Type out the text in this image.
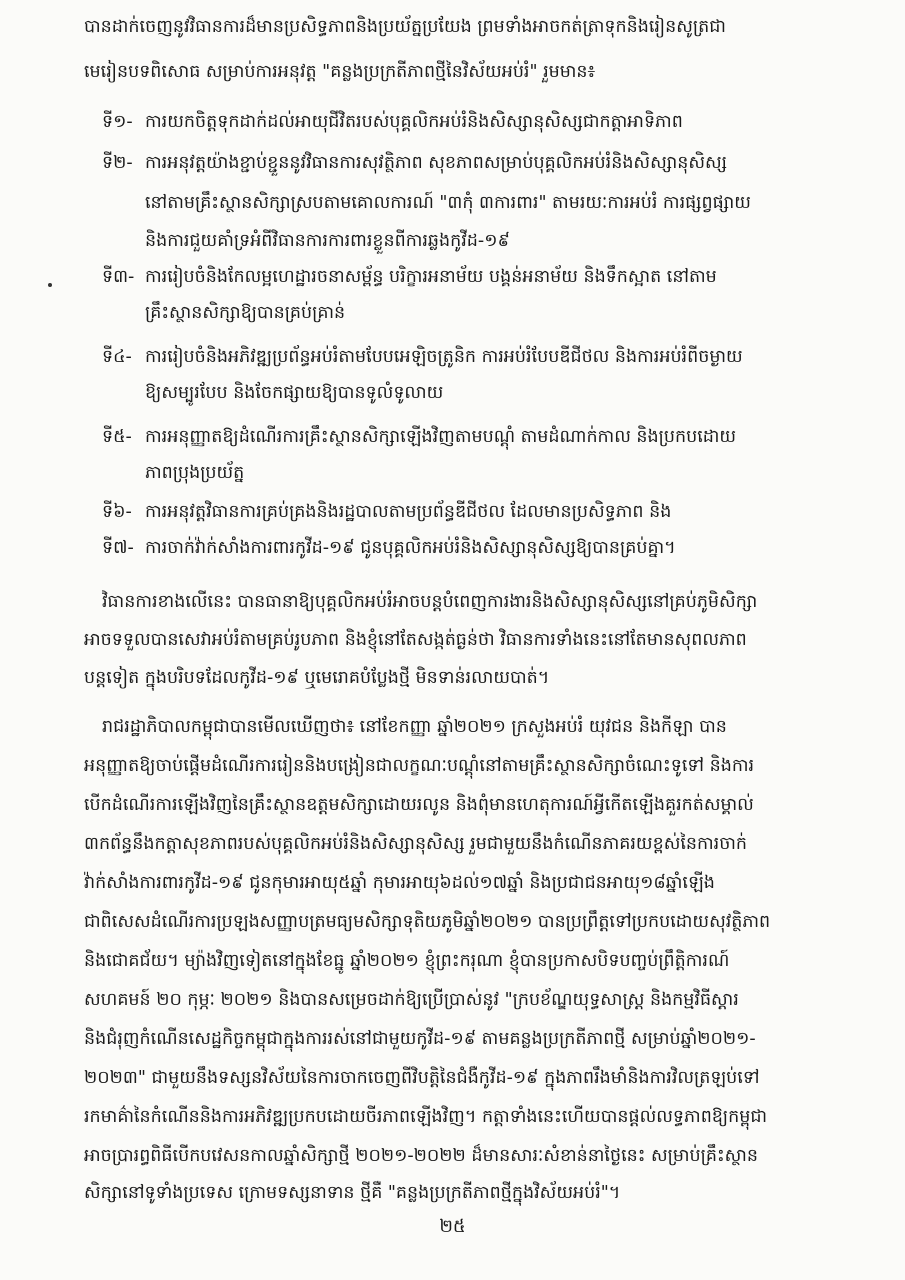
បានដាក់ចេញនូវវិធានការដ៏មានប្រសិទ្ធភាពនិងប្រយ័ត្នប្រយែង ព្រមទាំងអាចកត់ត្រាទុកនិងរៀនសូត្រជា
មេរៀនបទពិសោធ សម្រាប់ការអនុវត្ត "គន្លងប្រក្រតីភាពថ្មីនៃវិស័យអប់រំ" រួមមាន៖
ទី១- ការយកចិត្តទុកដាក់ដល់អាយុជីវិតរបស់បុគ្គលិកអប់រំនិងសិស្សានុសិស្សជាកត្តាអាទិភាព
ទី២- ការអនុវត្តយ៉ាងខ្ជាប់ខ្ជួននូវវិធានការសុវត្ថិភាព សុខភាពសម្រាប់បុគ្គលិកអប់រំនិងសិស្សានុសិស្ស
នៅតាមគ្រឹះស្ថានសិក្សាស្របតាមគោលការណ៍ "៣កុំ ៣ការពារ" តាមរយៈការអប់រំ ការផ្សព្វផ្សាយ
និងការជួយគាំទ្រអំពីវិធានការការពារខ្លួនពីការឆ្លងកូវីដ-១៩
ទី៣- ការរៀបចំនិងកែលម្អហេដ្ឋារចនាសម្ព័ន្ធ បរិក្ខារអនាម័យ បង្គន់អនាម័យ និងទឹកស្អាត នៅតាម
គ្រឹះស្ថានសិក្សាឱ្យបានគ្រប់គ្រាន់
ទី៤- ការរៀបចំនិងអភិវឌ្ឍប្រព័ន្ធអប់រំតាមបែបអេឡិចត្រូនិក ការអប់រំបែបឌីជីថល និងការអប់រំពីចម្ងាយ
ឱ្យសម្បូរបែប និងចែកផ្សាយឱ្យបានទូលំទូលាយ
ទី៥- ការអនុញ្ញាតឱ្យដំណើរការគ្រឹះស្ថានសិក្សាឡើងវិញតាមបណ្តុំ តាមដំណាក់កាល និងប្រកបដោយ
ភាពប្រុងប្រយ័ត្ន
ទី៦- ការអនុវត្តវិធានការគ្រប់គ្រងនិងរដ្ឋបាលតាមប្រព័ន្ធឌីជីថល ដែលមានប្រសិទ្ធភាព និង
ទី៧- ការចាក់វ៉ាក់សាំងការពារកូវីដ-១៩ ជូនបុគ្គលិកអប់រំនិងសិស្សានុសិស្សឱ្យបានគ្រប់គ្នា។
វិធានការខាងលើនេះ បានធានាឱ្យបុគ្គលិកអប់រំអាចបន្តបំពេញការងារនិងសិស្សានុសិស្សនៅគ្រប់ភូមិសិក្សា
អាចទទួលបានសេវាអប់រំតាមគ្រប់រូបភាព និងខ្ញុំនៅតែសង្កត់ធ្ងន់ថា វិធានការទាំងនេះនៅតែមានសុពលភាព
បន្តទៀត ក្នុងបរិបទដែលកូវីដ-១៩ ឬមេរោគបំប្លែងថ្មី មិនទាន់រលាយបាត់។
រាជរដ្ឋាភិបាលកម្ពុជាបានមើលឃើញថា៖ នៅខែកញ្ញា ឆ្នាំ២០២១ ក្រសួងអប់រំ យុវជន និងកីឡា បាន
អនុញ្ញាតឱ្យចាប់ផ្តើមដំណើរការរៀននិងបង្រៀនជាលក្ខណៈបណ្តុំនៅតាមគ្រឹះស្ថានសិក្សាចំណេះទូទៅ និងការ
បើកដំណើរការឡើងវិញនៃគ្រឹះស្ថានឧត្តមសិក្សាដោយរលូន និងពុំមានហេតុការណ៍អ្វីកើតឡើងគួរកត់សម្គាល់
៣កព័ន្ធនឹងកត្តាសុខភាពរបស់បុគ្គលិកអប់រំនិងសិស្សានុសិស្ស រួមជាមួយនឹងកំណើនភាគរយខ្ពស់នៃការចាក់
វ៉ាក់សាំងការពារកូវីដ-១៩ ជូនកុមារអាយុ៥ឆ្នាំ កុមារអាយុ៦ដល់១៧ឆ្នាំ និងប្រជាជនអាយុ១៨ឆ្នាំឡើង
ជាពិសេសដំណើរការប្រឡងសញ្ញាបត្រមធ្យមសិក្សាទុតិយភូមិឆ្នាំ២០២១ បានប្រព្រឹត្តទៅប្រកបដោយសុវត្ថិភាព
និងជោគជ័យ។ ម្យ៉ាងវិញទៀតនៅក្នុងខែធ្នូ ឆ្នាំ២០២១ ខ្ញុំព្រះករុណា ខ្ញុំបានប្រកាសបិទបញ្ចប់ព្រឹត្តិការណ៍
សហគមន៍ ២០ កុម្ភៈ ២០២១ និងបានសម្រេចដាក់ឱ្យប្រើប្រាស់នូវ "ក្របខ័ណ្ឌយុទ្ធសាស្ត្រ និងកម្មវិធីស្តារ
និងជំរុញកំណើនសេដ្ឋកិច្ចកម្ពុជាក្នុងការរស់នៅជាមួយកូវីដ-១៩ តាមគន្លងប្រក្រតីភាពថ្មី សម្រាប់ឆ្នាំ២០២១-
២០២៣" ជាមួយនឹងទស្សនវិស័យនៃការចាកចេញពីវិបត្តិនៃជំងឺកូវីដ-១៩ ក្នុងភាពរឹងមាំនិងការវិលត្រឡប់ទៅ
រកមាគ៌ានៃកំណើននិងការអភិវឌ្ឍប្រកបដោយចីរភាពឡើងវិញ។ កត្តាទាំងនេះហើយបានផ្តល់លទ្ធភាពឱ្យកម្ពុជា
អាចប្រារព្ធពិធីបើកបវេសនកាលឆ្នាំសិក្សាថ្មី ២០២១-២០២២ ដ៏មានសារៈសំខាន់នាថ្ងៃនេះ សម្រាប់គ្រឹះស្ថាន
សិក្សានៅទូទាំងប្រទេស ក្រោមទស្សនាទាន ថ្មីគឺ "គន្លងប្រក្រតីភាពថ្មីក្នុងវិស័យអប់រំ"។
២៥
